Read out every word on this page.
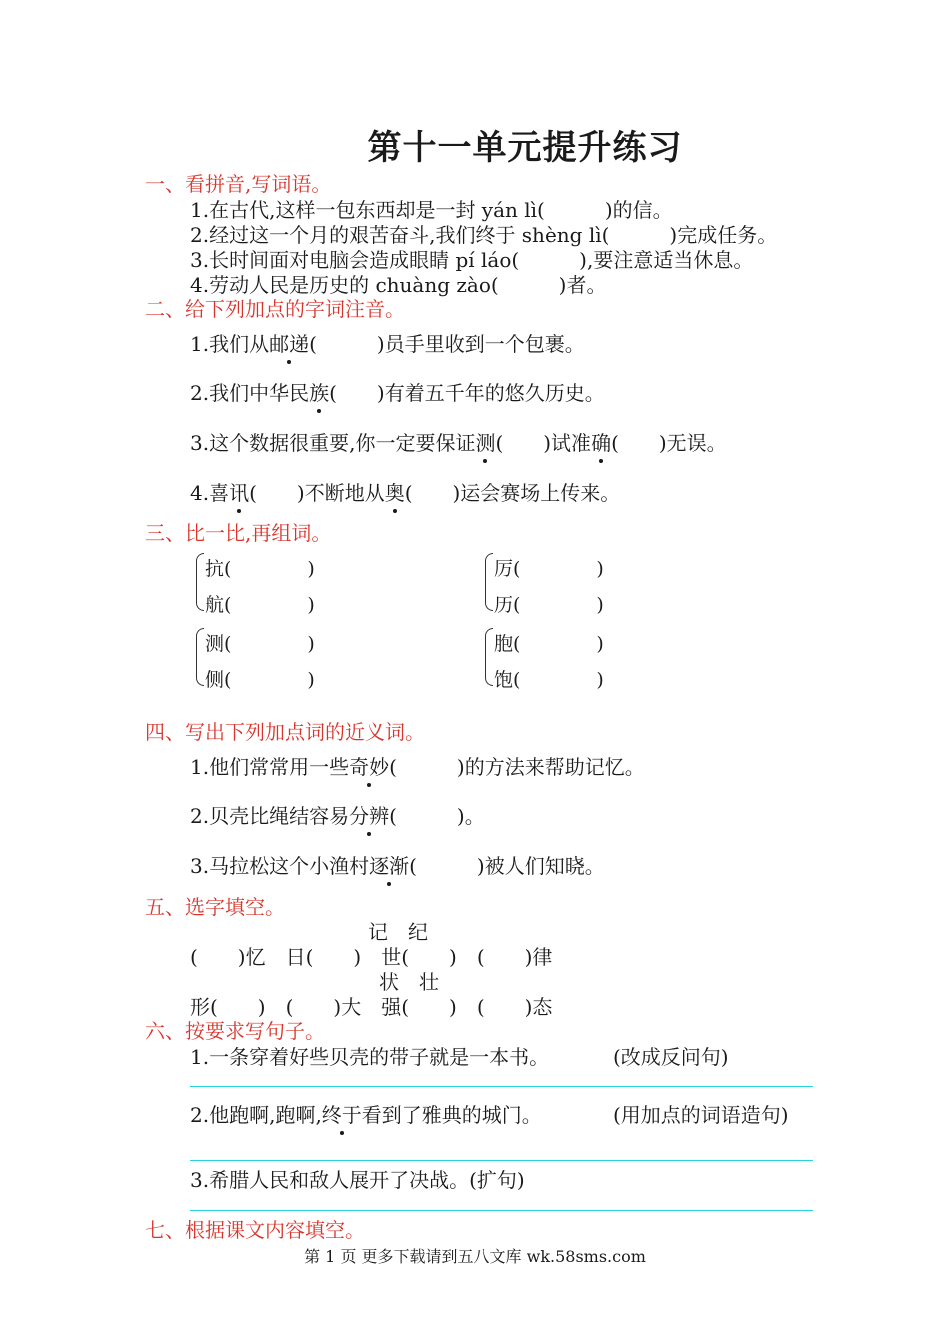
第十一单元提升练习
一、看拼音,写词语。
1.在古代,这样一包东西却是一封 yán lì(　　　)的信。
2.经过这一个月的艰苦奋斗,我们终于 shèng lì(　　　)完成任务。
3.长时间面对电脑会造成眼睛 pí láo(　　　),要注意适当休息。
4.劳动人民是历史的 chuàng zào(　　　)者。
二、给下列加点的字词注音。
1.我们从邮递(　　　)员手里收到一个包裹。
2.我们中华民族(　　)有着五千年的悠久历史。
3.这个数据很重要,你一定要保证测(　　)试准确(　　)无误。
4.喜讯(　　)不断地从奥(　　)运会赛场上传来。
三、比一比,再组词。
抗(　　　　)
航(　　　　)
厉(　　　　)
历(　　　　)
测(　　　　)
侧(　　　　)
胞(　　　　)
饱(　　　　)
四、写出下列加点词的近义词。
1.他们常常用一些奇妙(　　　)的方法来帮助记忆。
2.贝壳比绳结容易分辨(　　　)。
3.马拉松这个小渔村逐渐(　　　)被人们知晓。
五、选字填空。
记　纪
(　　)忆　日(　　)　世(　　)　(　　)律
状　壮
形(　　)　(　　)大　强(　　)　(　　)态
六、按要求写句子。
1.一条穿着好些贝壳的带子就是一本书。	(改成反问句)
2.他跑啊,跑啊,终于看到了雅典的城门。	(用加点的词语造句)
3.希腊人民和敌人展开了决战。(扩句)
七、根据课文内容填空。
第 1 页 更多下载请到五八文库 wk.58sms.com
